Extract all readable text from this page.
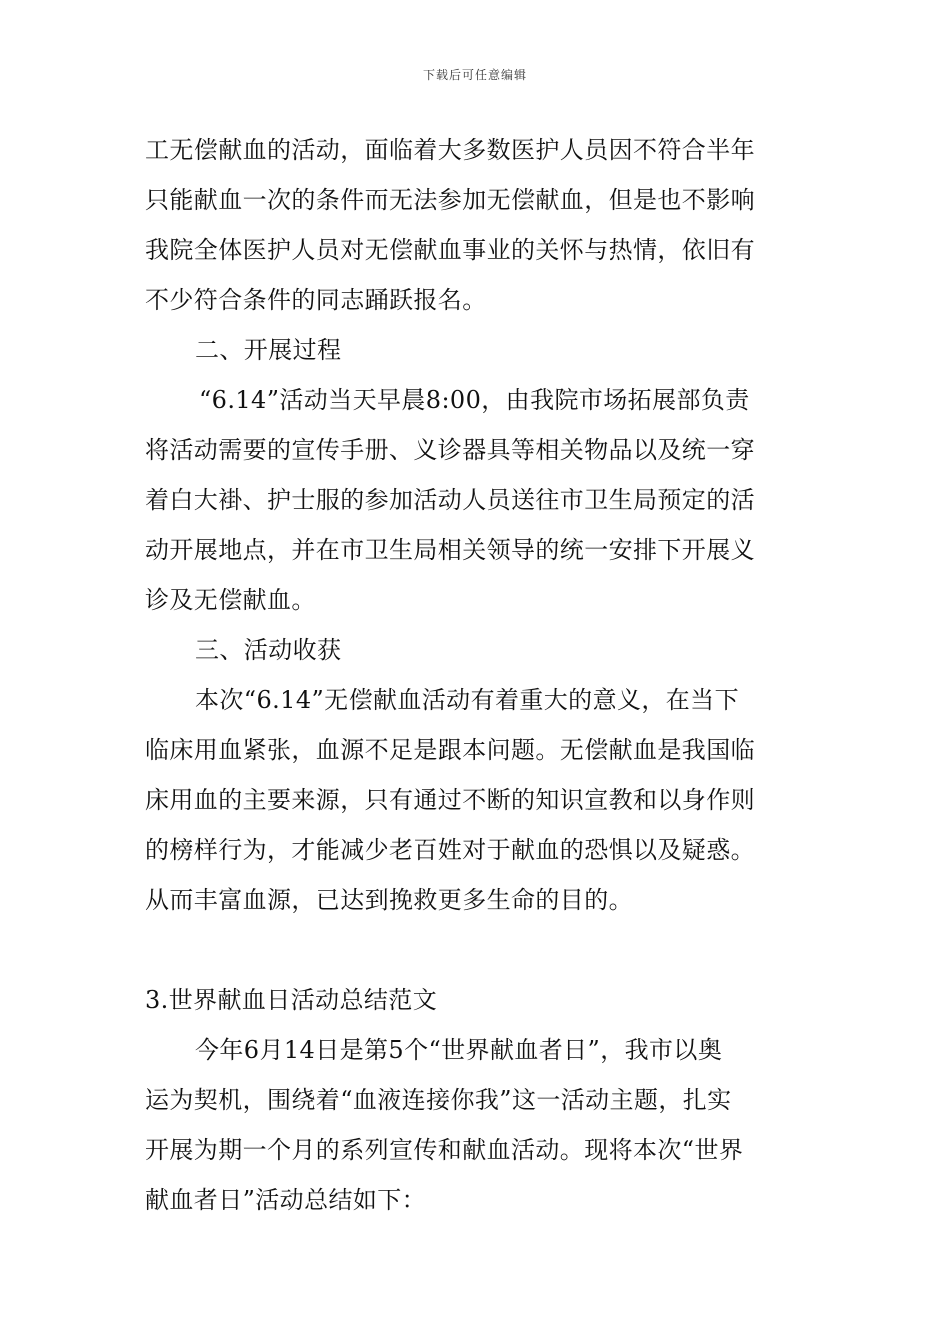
下载后可任意编辑
工无偿献血的活动，面临着大多数医护人员因不符合半年
只能献血一次的条件而无法参加无偿献血，但是也不影响
我院全体医护人员对无偿献血事业的关怀与热情，依旧有
不少符合条件的同志踊跃报名。
二、开展过程
“6.14”活动当天早晨8:00，由我院市场拓展部负责
将活动需要的宣传手册、义诊器具等相关物品以及统一穿
着白大褂、护士服的参加活动人员送往市卫生局预定的活
动开展地点，并在市卫生局相关领导的统一安排下开展义
诊及无偿献血。
三、活动收获
本次“6.14”无偿献血活动有着重大的意义，在当下
临床用血紧张，血源不足是跟本问题。无偿献血是我国临
床用血的主要来源，只有通过不断的知识宣教和以身作则
的榜样行为，才能减少老百姓对于献血的恐惧以及疑惑。
从而丰富血源，已达到挽救更多生命的目的。
3.世界献血日活动总结范文
今年6月14日是第5个“世界献血者日”，我市以奥
运为契机，围绕着“血液连接你我”这一活动主题，扎实
开展为期一个月的系列宣传和献血活动。现将本次“世界
献血者日”活动总结如下：
